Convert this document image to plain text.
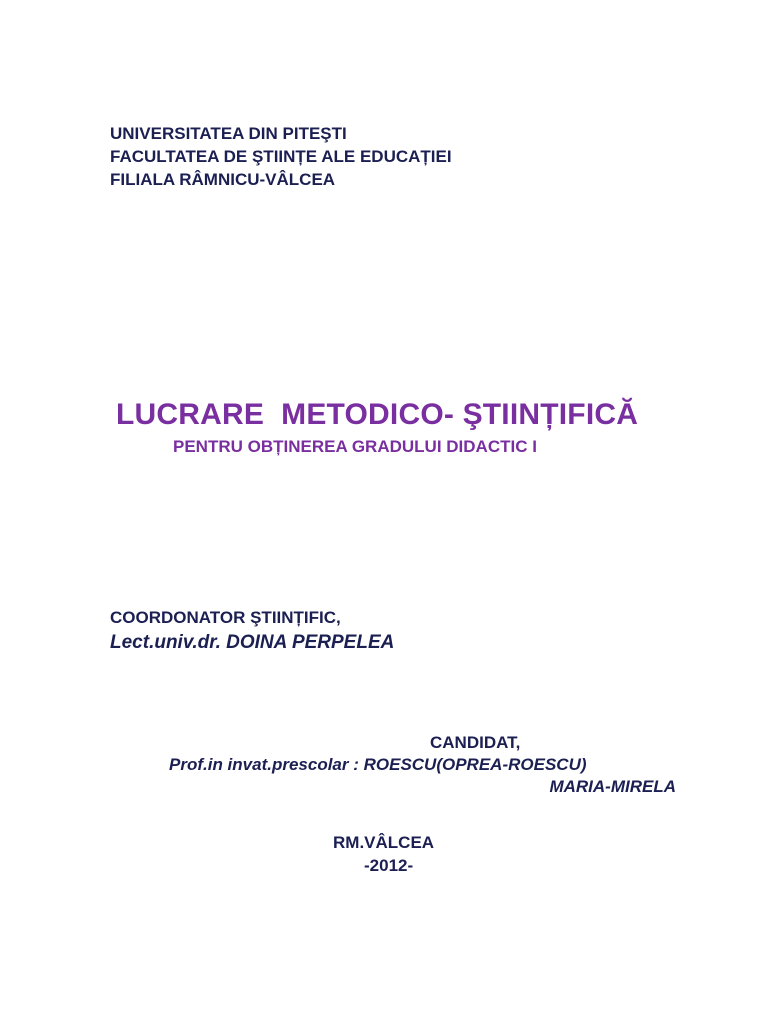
UNIVERSITATEA DIN PITEŞTI
FACULTATEA DE ŞTIINȚE ALE EDUCAȚIEI
FILIALA RÂMNICU-VÂLCEA
LUCRARE  METODICO- ŞTIINȚIFICĂ
PENTRU OBȚINEREA GRADULUI DIDACTIC I
COORDONATOR ŞTIINȚIFIC,
Lect.univ.dr. DOINA PERPELEA
CANDIDAT,
Prof.in invat.prescolar : ROESCU(OPREA-ROESCU)
MARIA-MIRELA
RM.VÂLCEA
-2012-
